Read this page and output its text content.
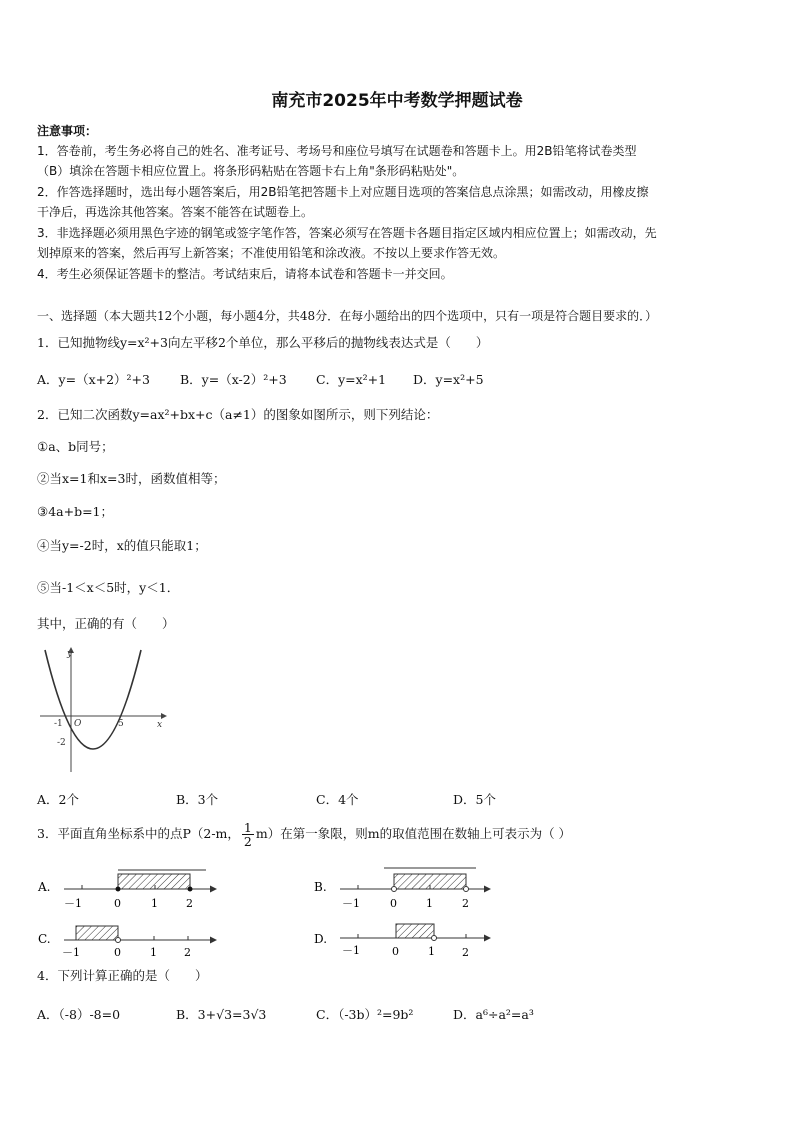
南充市2025年中考数学押题试卷
注意事项：
1．答卷前，考生务必将自己的姓名、准考证号、考场号和座位号填写在试题卷和答题卡上。用2B铅笔将试卷类型
（B）填涂在答题卡相应位置上。将条形码粘贴在答题卡右上角"条形码粘贴处"。
2．作答选择题时，选出每小题答案后，用2B铅笔把答题卡上对应题目选项的答案信息点涂黑；如需改动，用橡皮擦
干净后，再选涂其他答案。答案不能答在试题卷上。
3．非选择题必须用黑色字迹的钢笔或签字笔作答，答案必须写在答题卡各题目指定区域内相应位置上；如需改动，先
划掉原来的答案，然后再写上新答案；不准使用铅笔和涂改液。不按以上要求作答无效。
4．考生必须保证答题卡的整洁。考试结束后，请将本试卷和答题卡一并交回。
一、选择题（本大题共12个小题，每小题4分，共48分．在每小题给出的四个选项中，只有一项是符合题目要求的．）
1．已知抛物线y=x²+3向左平移2个单位，那么平移后的抛物线表达式是（　　）
A．y=（x+2）²+3 B．y=（x-2）²+3 C．y=x²+1 D．y=x²+5
2．已知二次函数y=ax²+bx+c（a≠1）的图象如图所示，则下列结论：
①a、b同号；
②当x=1和x=3时，函数值相等；
③4a+b=1；
④当y=-2时，x的值只能取1；
⑤当-1＜x＜5时，y＜1．
其中，正确的有（　　）
y
x
-1 O	5
-2
A．2个	B．3个	C．4个	D．5个
3．平面直角坐标系中的点P（2-m， $\frac{1}{2} m$）在第一象限，则m的取值范围在数轴上可表示为（ ）
A.
－1	0	1	2
B.
－1	0	1	2
C.
－1	0	1 2
D.
－1	0	1 2
4．下列计算正确的是（　　）
A．（-8）-8=0	B．3+√3=3√3	C．（-3b）²=9b²	D．a⁶÷a²=a³
